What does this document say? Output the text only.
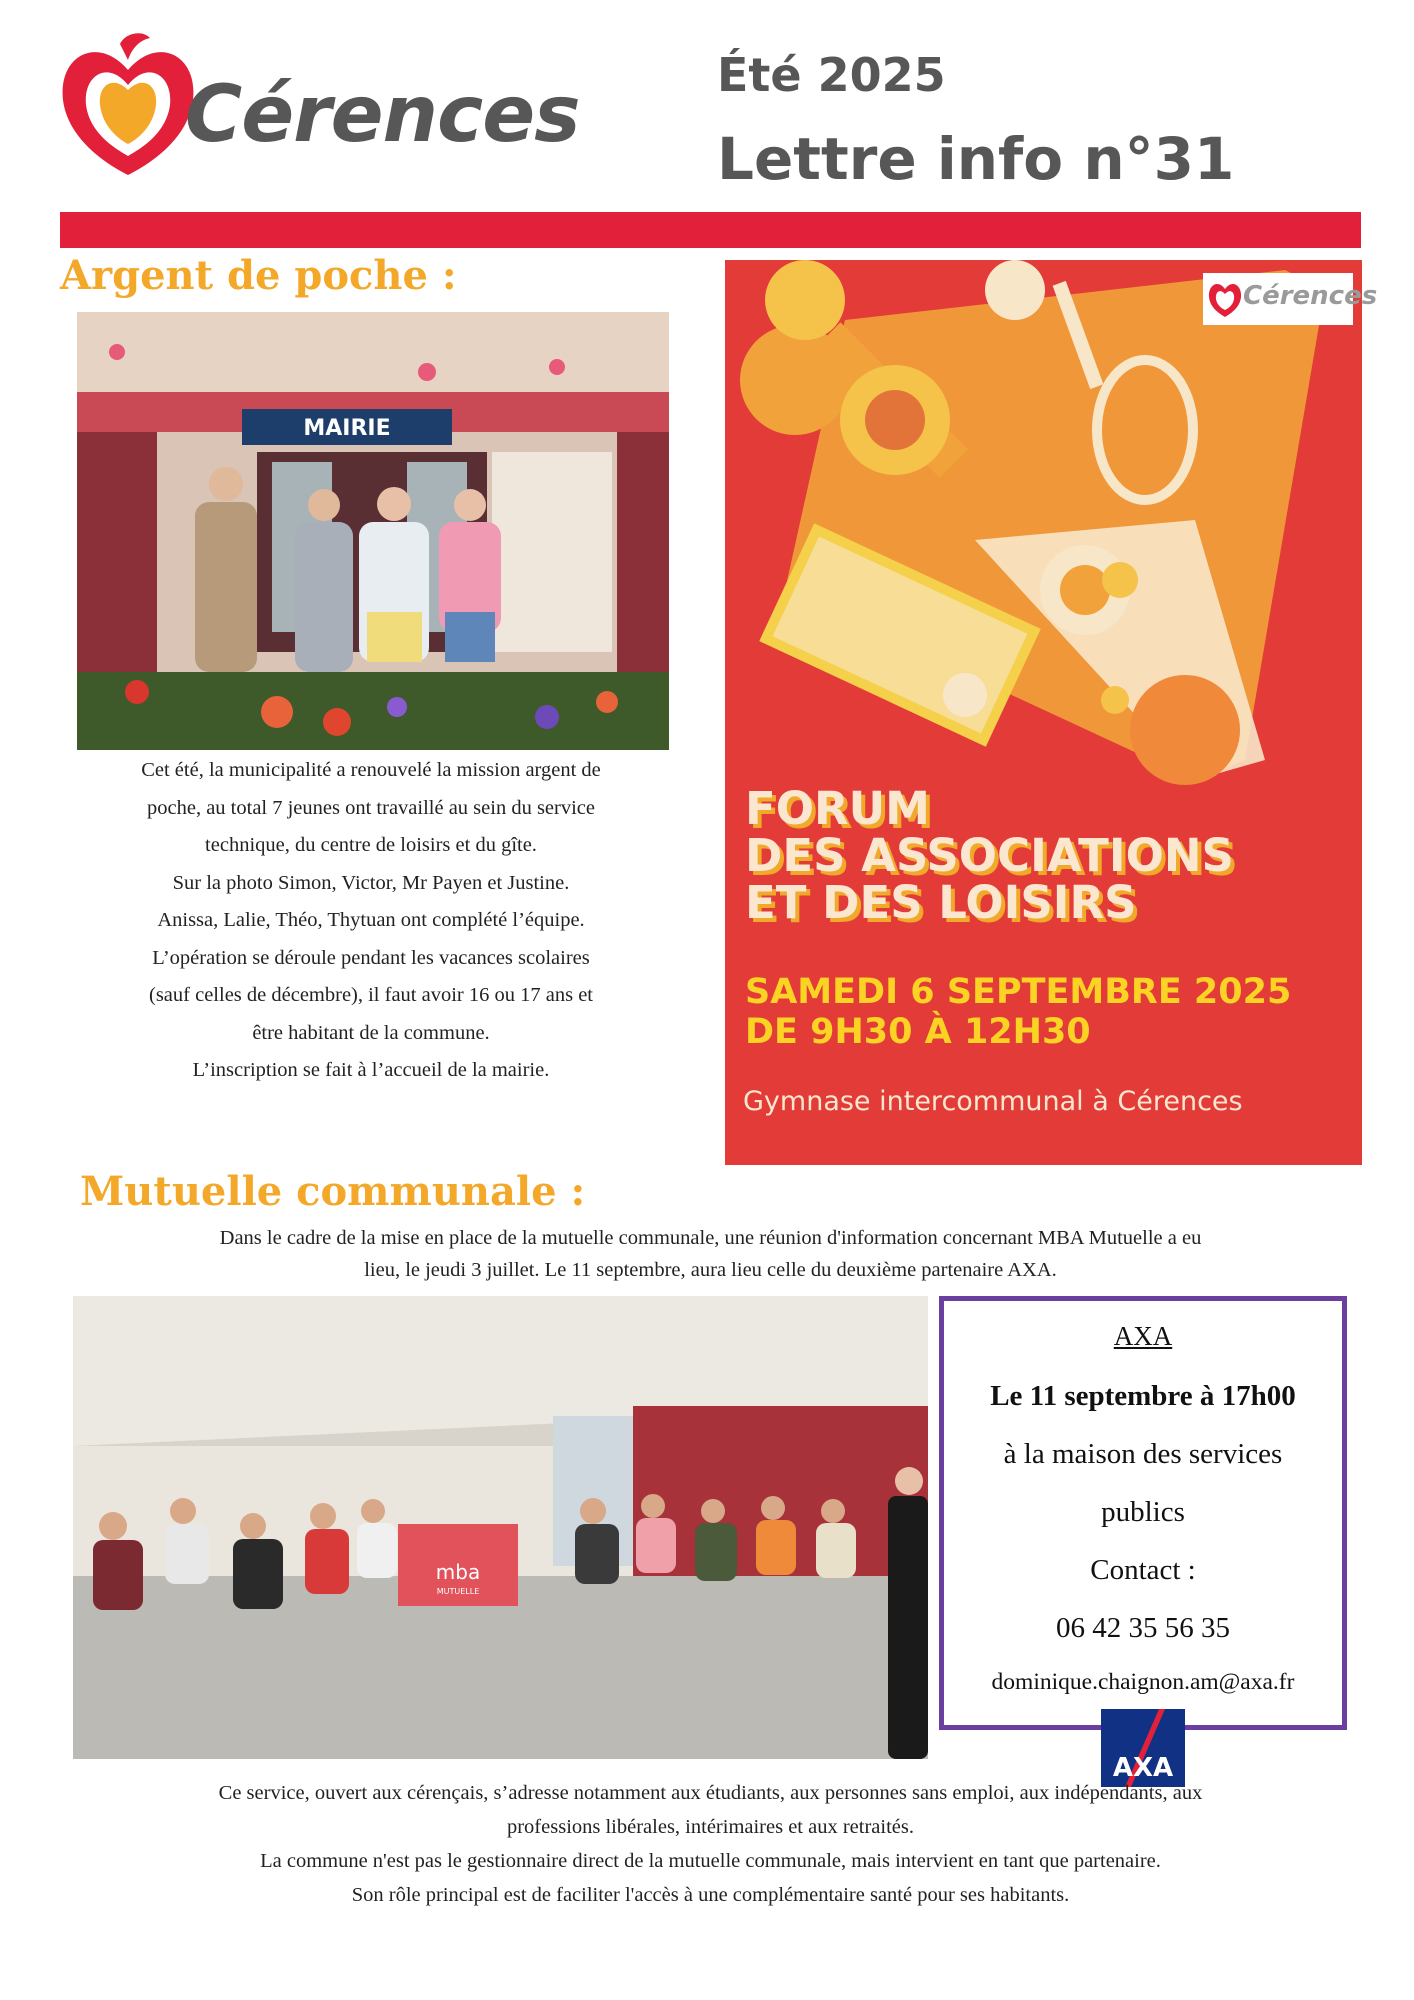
Cérences	Été 2025
Lettre info n°31
Argent de poche :
MAIRIE
Cet été, la municipalité a renouvelé la mission argent de
poche, au total 7 jeunes ont travaillé au sein du service
technique, du centre de loisirs et du gîte.
Sur la photo Simon, Victor, Mr Payen et Justine.
Anissa, Lalie, Théo, Thytuan ont complété l’équipe.
L’opération se déroule pendant les vacances scolaires
(sauf celles de décembre), il faut avoir 16 ou 17 ans et
être habitant de la commune.
L’inscription se fait à l’accueil de la mairie.
Cérences
FORUM
DES ASSOCIATIONS
ET DES LOISIRS
SAMEDI 6 SEPTEMBRE 2025
DE 9H30 À 12H30
Gymnase intercommunal à Cérences
Mutuelle communale :
Dans le cadre de la mise en place de la mutuelle communale, une réunion d'information concernant MBA Mutuelle a eu
lieu, le jeudi 3 juillet. Le 11 septembre, aura lieu celle du deuxième partenaire AXA.
mba
MUTUELLE
AXA
Le 11 septembre à 17h00
à la maison des services
publics
Contact :
06 42 35 56 35
dominique.chaignon.am@axa.fr
AXA
Ce service, ouvert aux cérençais, s’adresse notamment aux étudiants, aux personnes sans emploi, aux indépendants, aux
professions libérales, intérimaires et aux retraités.
La commune n'est pas le gestionnaire direct de la mutuelle communale, mais intervient en tant que partenaire.
Son rôle principal est de faciliter l'accès à une complémentaire santé pour ses habitants.
